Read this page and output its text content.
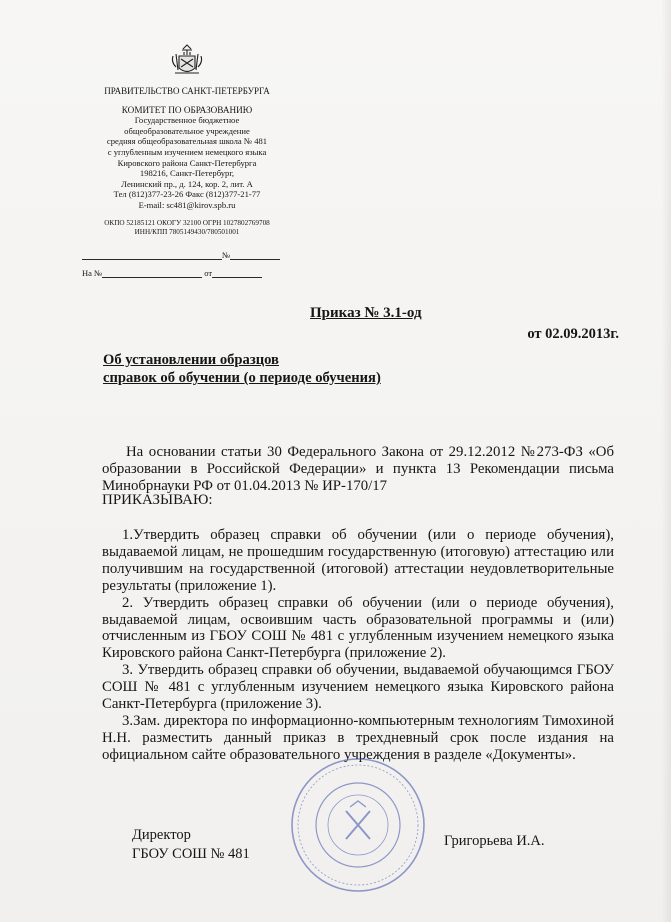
ПРАВИТЕЛЬСТВО САНКТ-ПЕТЕРБУРГА
КОМИТЕТ ПО ОБРАЗОВАНИЮ
Государственное бюджетное
общеобразовательное учреждение
средняя общеобразовательная школа № 481
с углубленным изучением немецкого языка
Кировского района Санкт-Петербурга
198216, Санкт-Петербург,
Ленинский пр., д. 124, кор. 2, лит. А
Тел (812)377-23-26 Факс (812)377-21-77
E-mail: sc481@kirov.spb.ru
ОКПО 52185121 ОКОГУ 32100 ОГРН 1027802769708
ИНН/КПП 7805149430/780501001
№
На №	от
Приказ № 3.1-од
от 02.09.2013г.
Об установлении образцов
справок об обучении (о периоде обучения)
На основании статьи 30 Федерального Закона от 29.12.2012 №273-ФЗ «Об образовании в Российской Федерации» и пункта 13 Рекомендации письма Минобрнауки РФ от 01.04.2013 № ИР-170/17
ПРИКАЗЫВАЮ:
1.Утвердить образец справки об обучении (или о периоде обучения), выдаваемой лицам, не прошедшим государственную (итоговую) аттестацию или получившим на государственной (итоговой) аттестации неудовлетворительные результаты (приложение 1).
2. Утвердить образец справки об обучении (или о периоде обучения), выдаваемой лицам, освоившим часть образовательной программы и (или) отчисленным из ГБОУ СОШ № 481 с углубленным изучением немецкого языка Кировского района Санкт-Петербурга (приложение 2).
3. Утвердить образец справки об обучении, выдаваемой обучающимся ГБОУ СОШ № 481 с углубленным изучением немецкого языка Кировского района Санкт-Петербурга (приложение 3).
3.Зам. директора по информационно-компьютерным технологиям Тимохиной Н.Н. разместить данный приказ в трехдневный срок после издания на официальном сайте образовательного учреждения в разделе «Документы».
Директор
ГБОУ СОШ № 481
Григорьева И.А.
